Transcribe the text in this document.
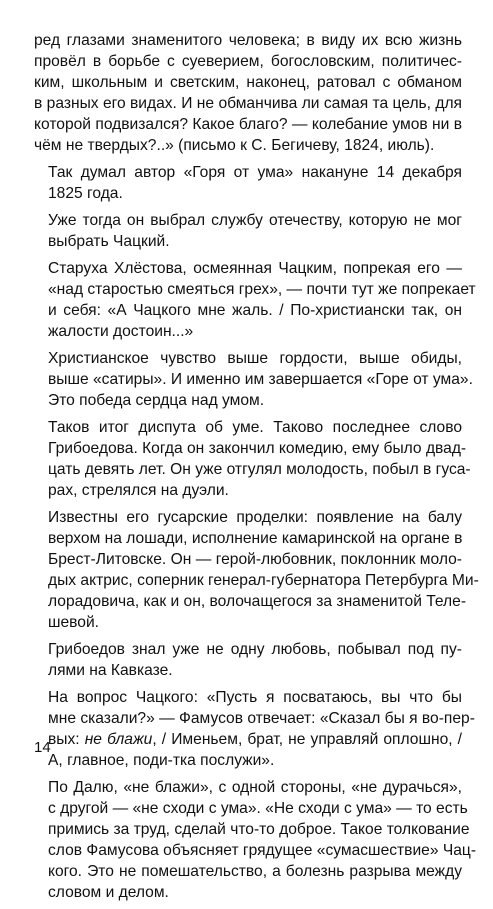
ред глазами знаменитого человека; в виду их всю жизнь
провёл в борьбе с суеверием, богословским, политичес-
ким, школьным и светским, наконец, ратовал с обманом
в разных его видах. И не обманчива ли самая та цель, для
которой подвизался? Какое благо? — колебание умов ни в
чём не твердых?..» (письмо к С. Бегичеву, 1824, июль).
Так думал автор «Горя от ума» накануне 14 декабря
1825 года.
Уже тогда он выбрал службу отечеству, которую не мог
выбрать Чацкий.
Старуха Хлёстова, осмеянная Чацким, попрекая его —
«над старостью смеяться грех», — почти тут же попрекает
и себя: «А Чацкого мне жаль. / По-христиански так, он
жалости достоин...»
Христианское чувство выше гордости, выше обиды,
выше «сатиры». И именно им завершается «Горе от ума».
Это победа сердца над умом.
Таков итог диспута об уме. Таково последнее слово
Грибоедова. Когда он закончил комедию, ему было двад-
цать девять лет. Он уже отгулял молодость, побыл в гуса-
рах, стрелялся на дуэли.
Известны его гусарские проделки: появление на балу
верхом на лошади, исполнение камаринской на органе в
Брест-Литовске. Он — герой-любовник, поклонник моло-
дых актрис, соперник генерал-губернатора Петербурга Ми-
лорадовича, как и он, волочащегося за знаменитой Теле-
шевой.
Грибоедов знал уже не одну любовь, побывал под пу-
лями на Кавказе.
На вопрос Чацкого: «Пусть я посватаюсь, вы что бы
мне сказали?» — Фамусов отвечает: «Сказал бы я во-пер-
вых: не блажи, / Именьем, брат, не управляй оплошно, /
А, главное, поди-тка послужи».
По Далю, «не блажи», с одной стороны, «не дурачься»,
с другой — «не сходи с ума». «Не сходи с ума» — то есть
примись за труд, сделай что-то доброе. Такое толкование
слов Фамусова объясняет грядущее «сумасшествие» Чац-
кого. Это не помешательство, а болезнь разрыва между
словом и делом.
14
